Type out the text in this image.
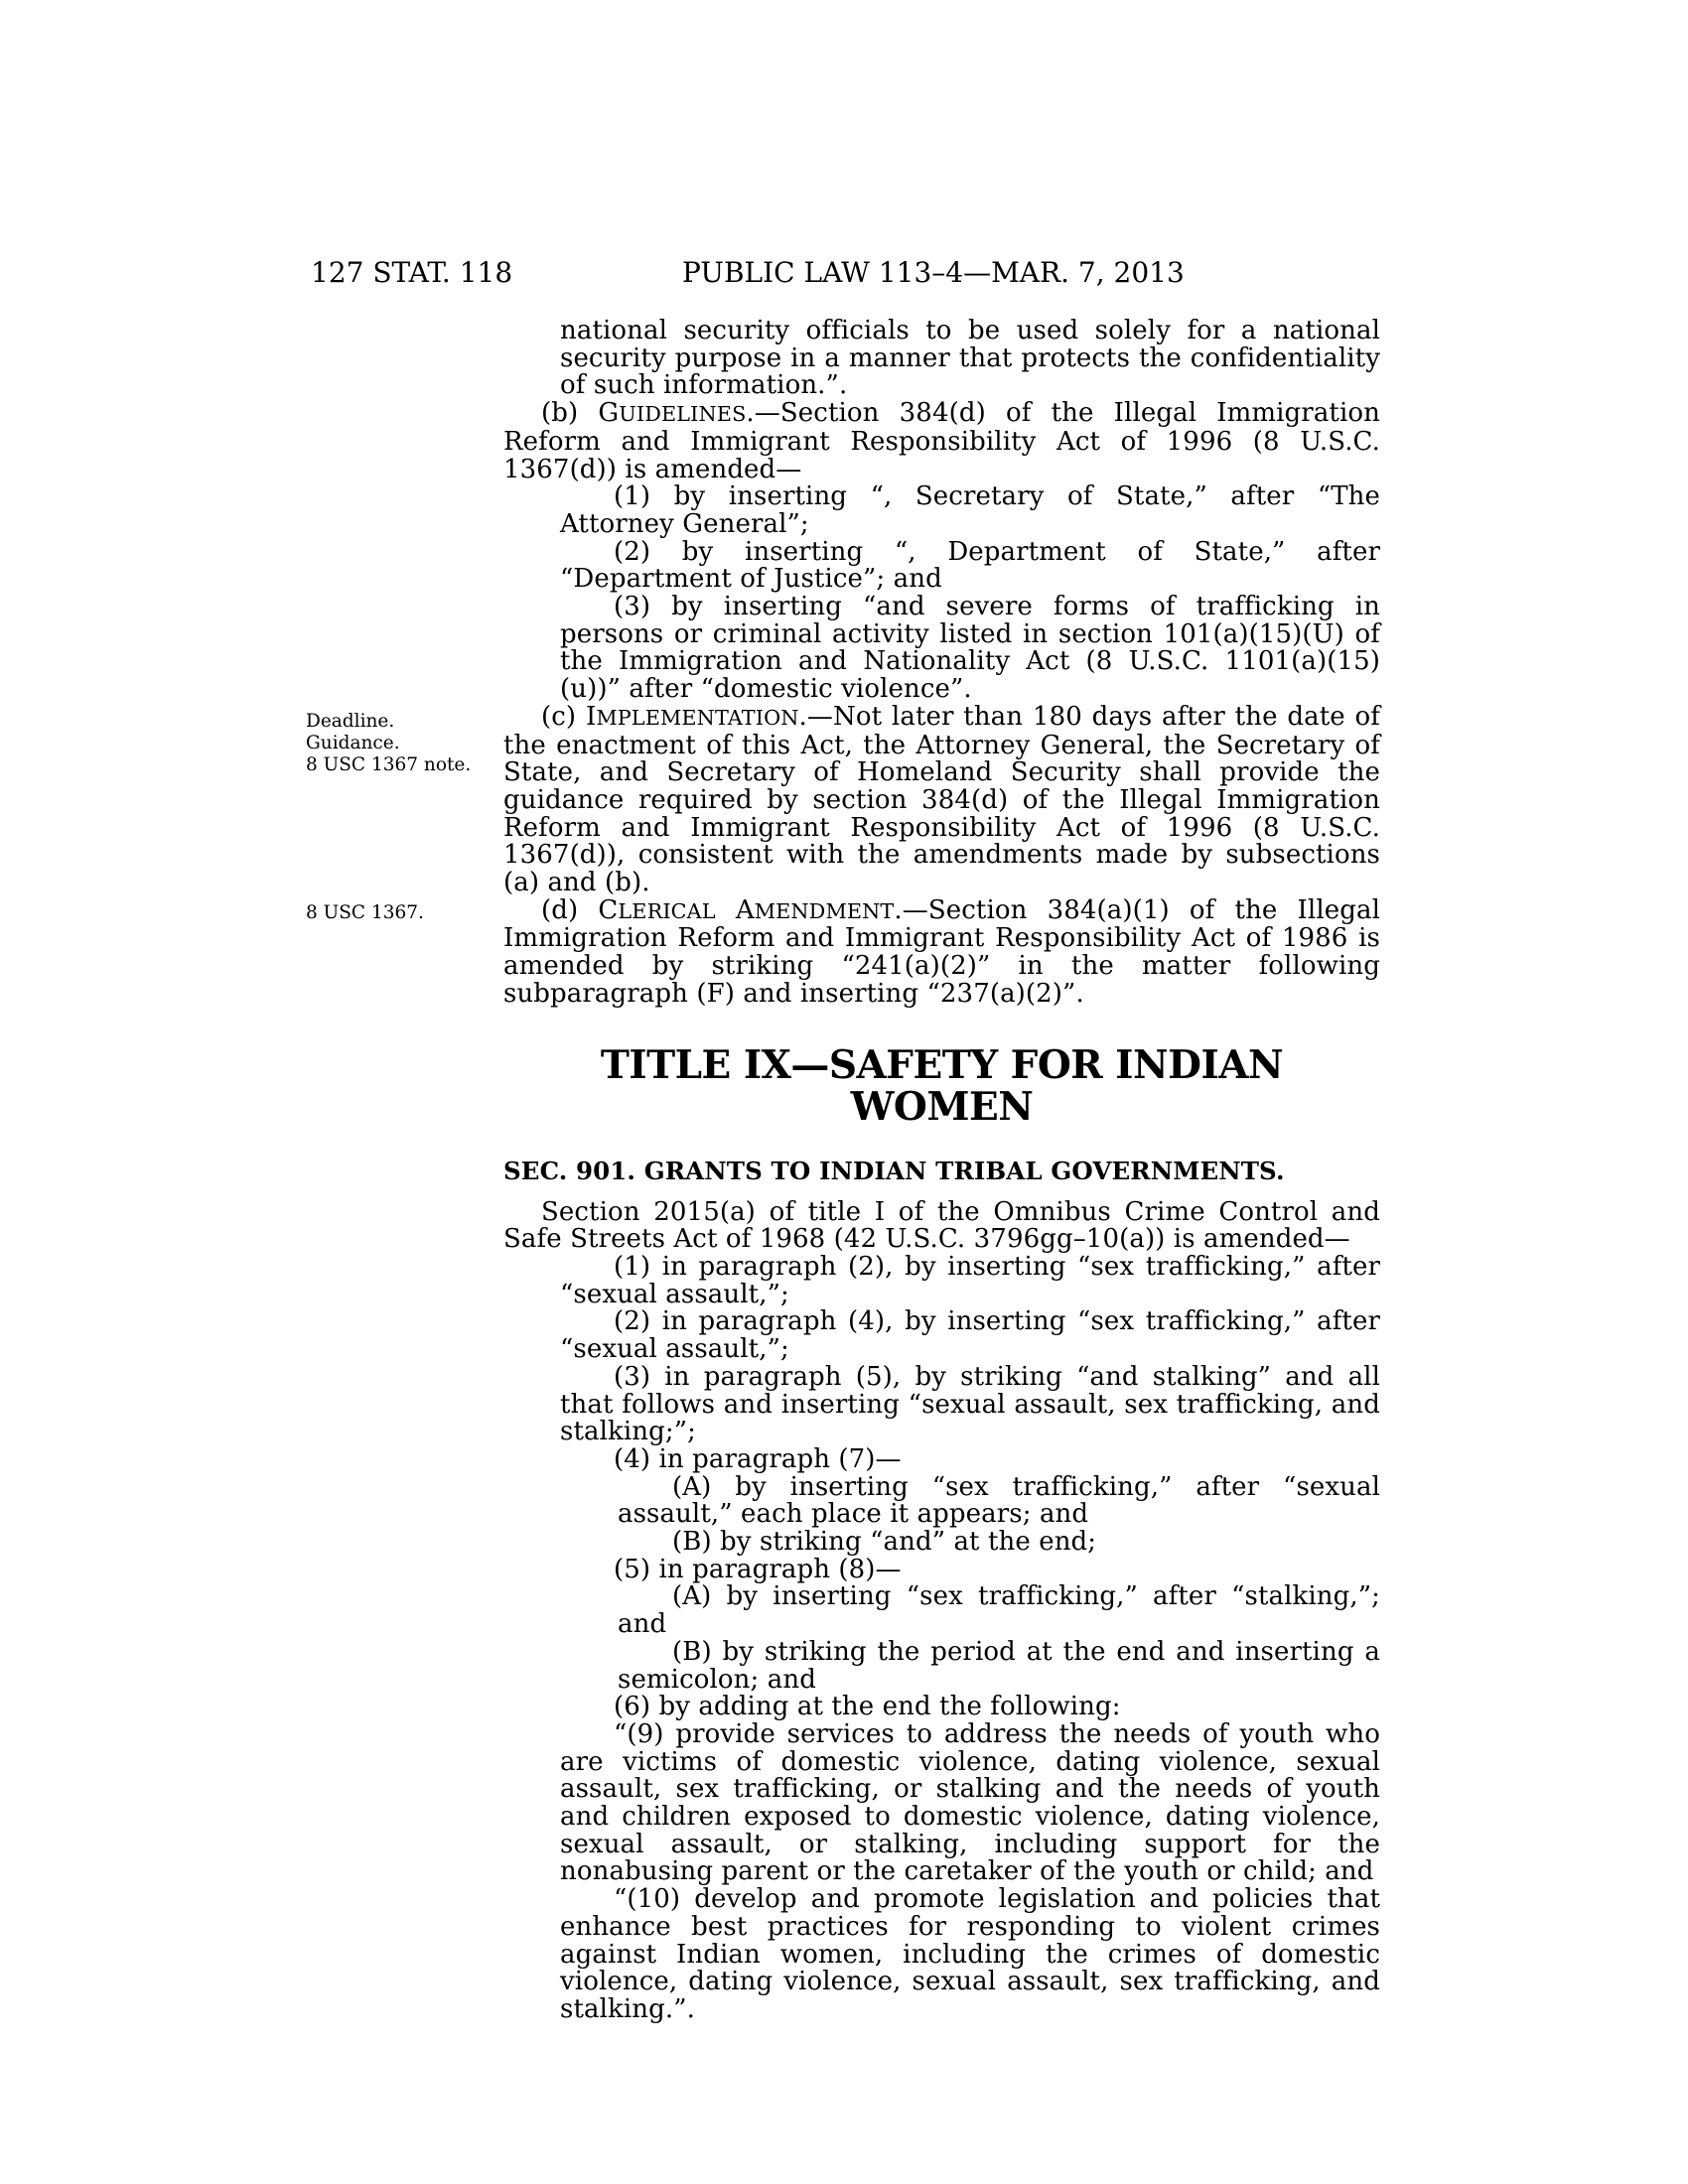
127 STAT. 118	PUBLIC LAW 113–4—MAR. 7, 2013
Deadline.
Guidance.
8 USC 1367 note.
8 USC 1367.

national security officials to be used solely for a national security purpose in a manner that protects the confidentiality of such information.”.

(b) GUIDELINES.—Section 384(d) of the Illegal Immigration Reform and Immigrant Responsibility Act of 1996 (8 U.S.C. 1367(d)) is amended—

(1) by inserting “, Secretary of State,” after “The Attorney General”;

(2) by inserting “, Department of State,” after “Department of Justice”; and

(3) by inserting “and severe forms of trafficking in persons or criminal activity listed in section 101(a)(15)(U) of the Immigration and Nationality Act (8 U.S.C. 1101(a)(15)(u))” after “domestic violence”.

(c) IMPLEMENTATION.—Not later than 180 days after the date of the enactment of this Act, the Attorney General, the Secretary of State, and Secretary of Homeland Security shall provide the guidance required by section 384(d) of the Illegal Immigration Reform and Immigrant Responsibility Act of 1996 (8 U.S.C. 1367(d)), consistent with the amendments made by subsections (a) and (b).

(d) CLERICAL AMENDMENT.—Section 384(a)(1) of the Illegal Immigration Reform and Immigrant Responsibility Act of 1986 is amended by striking “241(a)(2)” in the matter following subparagraph (F) and inserting “237(a)(2)”.

TITLE IX—SAFETY FOR INDIAN WOMEN
SEC. 901. GRANTS TO INDIAN TRIBAL GOVERNMENTS.

Section 2015(a) of title I of the Omnibus Crime Control and Safe Streets Act of 1968 (42 U.S.C. 3796gg–10(a)) is amended—

(1) in paragraph (2), by inserting “sex trafficking,” after “sexual assault,”;

(2) in paragraph (4), by inserting “sex trafficking,” after “sexual assault,”;

(3) in paragraph (5), by striking “and stalking” and all that follows and inserting “sexual assault, sex trafficking, and stalking;”;

(4) in paragraph (7)—

(A) by inserting “sex trafficking,” after “sexual assault,” each place it appears; and

(B) by striking “and” at the end;

(5) in paragraph (8)—

(A) by inserting “sex trafficking,” after “stalking,”; and

(B) by striking the period at the end and inserting a semicolon; and

(6) by adding at the end the following:

“(9) provide services to address the needs of youth who are victims of domestic violence, dating violence, sexual assault, sex trafficking, or stalking and the needs of youth and children exposed to domestic violence, dating violence, sexual assault, or stalking, including support for the nonabusing parent or the caretaker of the youth or child; and

“(10) develop and promote legislation and policies that enhance best practices for responding to violent crimes against Indian women, including the crimes of domestic violence, dating violence, sexual assault, sex trafficking, and stalking.”.
